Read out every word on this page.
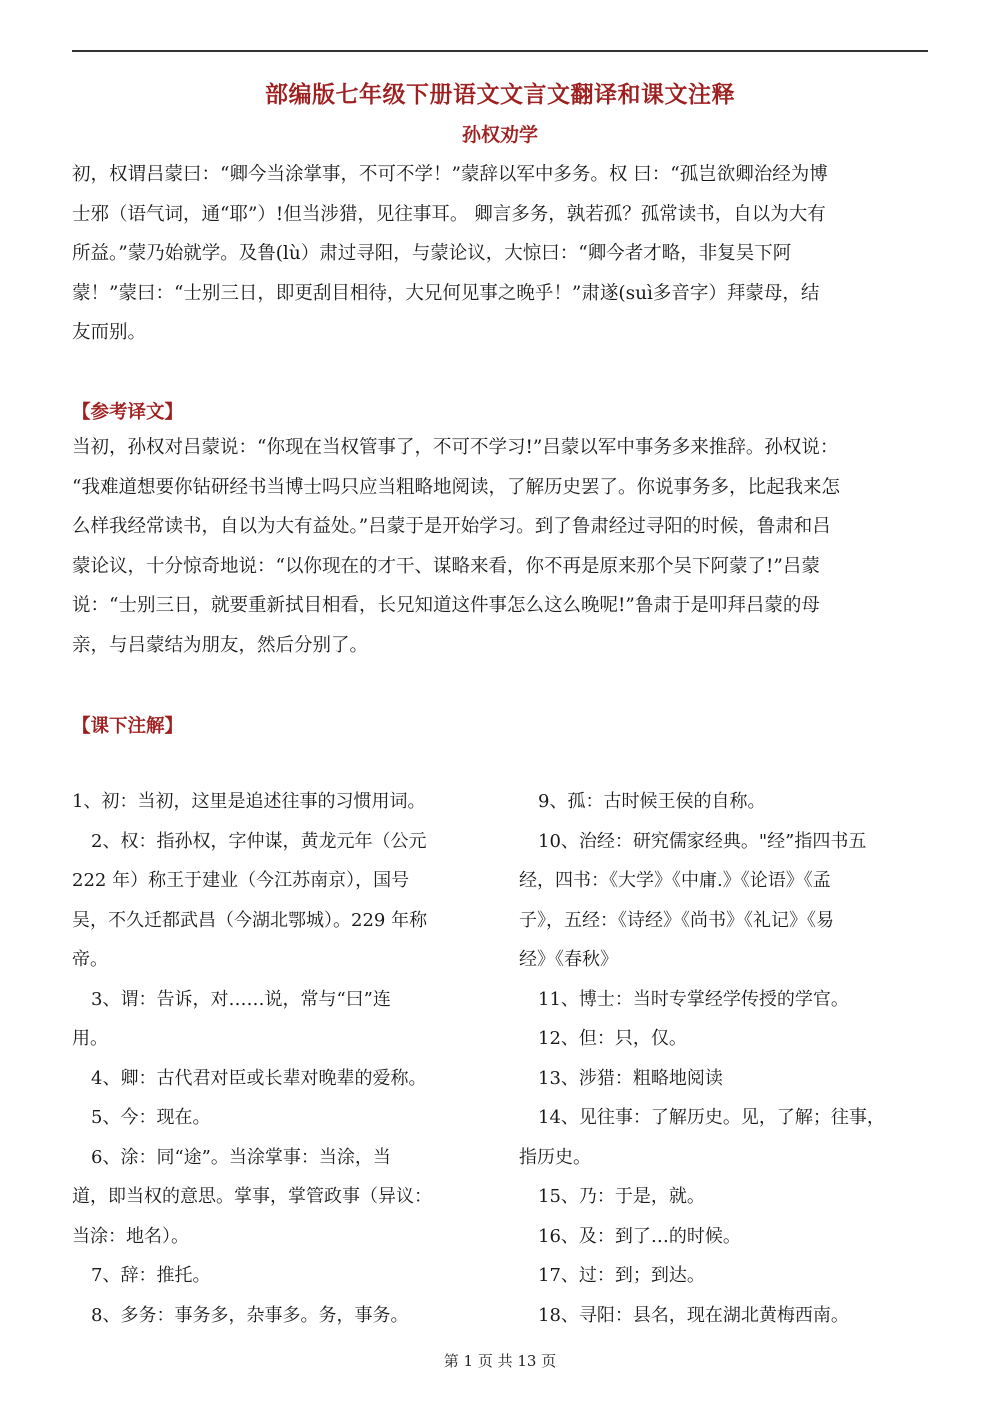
部编版七年级下册语文文言文翻译和课文注释
孙权劝学
初，权谓吕蒙曰：“卿今当涂掌事，不可不学！”蒙辞以军中多务。权 曰：“孤岂欲卿治经为博
士邪（语气词，通“耶”）!但当涉猎，见往事耳。 卿言多务，孰若孤？孤常读书，自以为大有
所益。”蒙乃始就学。及鲁(lù）肃过寻阳，与蒙论议，大惊曰：“卿今者才略，非复吴下阿
蒙！”蒙曰：“士别三日，即更刮目相待，大兄何见事之晚乎！”肃遂(suì多音字）拜蒙母，结
友而别。
【参考译文】
当初，孙权对吕蒙说：“你现在当权管事了，不可不学习!”吕蒙以军中事务多来推辞。孙权说：
“我难道想要你钻研经书当博士吗只应当粗略地阅读，了解历史罢了。你说事务多，比起我来怎
么样我经常读书，自以为大有益处。”吕蒙于是开始学习。到了鲁肃经过寻阳的时候，鲁肃和吕
蒙论议，十分惊奇地说：“以你现在的才干、谋略来看，你不再是原来那个吴下阿蒙了!”吕蒙
说：“士别三日，就要重新拭目相看，长兄知道这件事怎么这么晚呢!”鲁肃于是叩拜吕蒙的母
亲，与吕蒙结为朋友，然后分别了。
【课下注解】
1、初：当初，这里是追述往事的习惯用词。
2、权：指孙权，字仲谋，黄龙元年（公元
222 年）称王于建业（今江苏南京），国号
吴，不久迁都武昌（今湖北鄂城）。229 年称
帝。
3、谓：告诉，对……说，常与“曰”连
用。
4、卿：古代君对臣或长辈对晚辈的爱称。
5、今：现在。
6、涂：同“途”。当涂掌事：当涂，当
道，即当权的意思。掌事，掌管政事（异议：
当涂：地名）。
7、辞：推托。
8、多务：事务多，杂事多。务，事务。
9、孤：古时候王侯的自称。
10、治经：研究儒家经典。"经”指四书五
经，四书：《大学》《中庸.》《论语》《孟
子》，五经：《诗经》《尚书》《礼记》《易
经》《春秋》
11、博士：当时专掌经学传授的学官。
12、但：只，仅。
13、涉猎：粗略地阅读
14、见往事：了解历史。见，了解；往事，
指历史。
15、乃：于是，就。
16、及：到了…的时候。
17、过：到；到达。
18、寻阳：县名，现在湖北黄梅西南。
第 1 页 共 13 页
